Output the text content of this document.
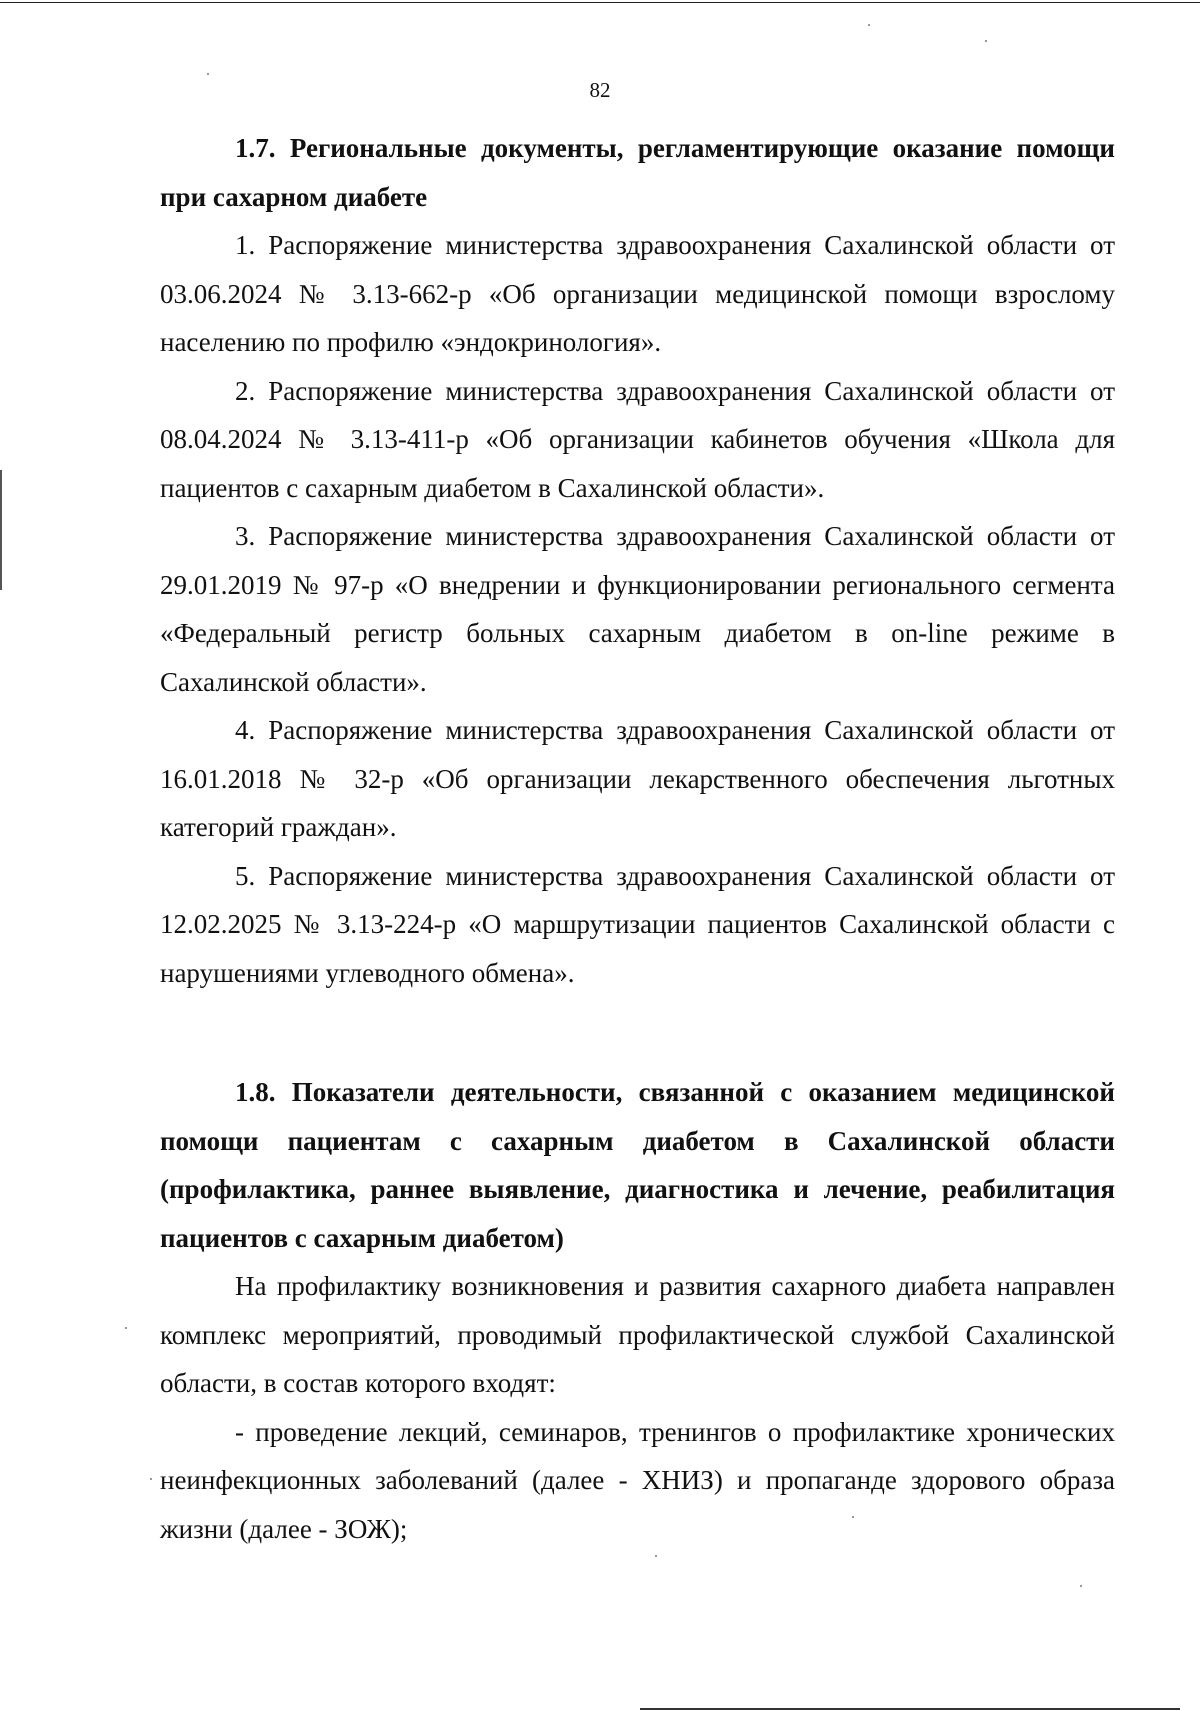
82

1.7. Региональные документы, регламентирующие оказание помощи при сахарном диабете

1. Распоряжение министерства здравоохранения Сахалинской области от 03.06.2024 № 3.13-662-р «Об организации медицинской помощи взрослому населению по профилю «эндокринология».

2. Распоряжение министерства здравоохранения Сахалинской области от 08.04.2024 № 3.13-411-р «Об организации кабинетов обучения «Школа для пациентов с сахарным диабетом в Сахалинской области».

3. Распоряжение министерства здравоохранения Сахалинской области от 29.01.2019 № 97-р «О внедрении и функционировании регионального сегмента «Федеральный регистр больных сахарным диабетом в on-line режиме в Сахалинской области».

4. Распоряжение министерства здравоохранения Сахалинской области от 16.01.2018 № 32-р «Об организации лекарственного обеспечения льготных категорий граждан».

5. Распоряжение министерства здравоохранения Сахалинской области от 12.02.2025 № 3.13-224-р «О маршрутизации пациентов Сахалинской области с нарушениями углеводного обмена».

1.8. Показатели деятельности, связанной с оказанием медицинской помощи пациентам с сахарным диабетом в Сахалинской области (профилактика, раннее выявление, диагностика и лечение, реабилитация пациентов с сахарным диабетом)

На профилактику возникновения и развития сахарного диабета направлен комплекс мероприятий, проводимый профилактической службой Сахалинской области, в состав которого входят:

- проведение лекций, семинаров, тренингов о профилактике хронических неинфекционных заболеваний (далее - ХНИЗ) и пропаганде здорового образа жизни (далее - ЗОЖ);
